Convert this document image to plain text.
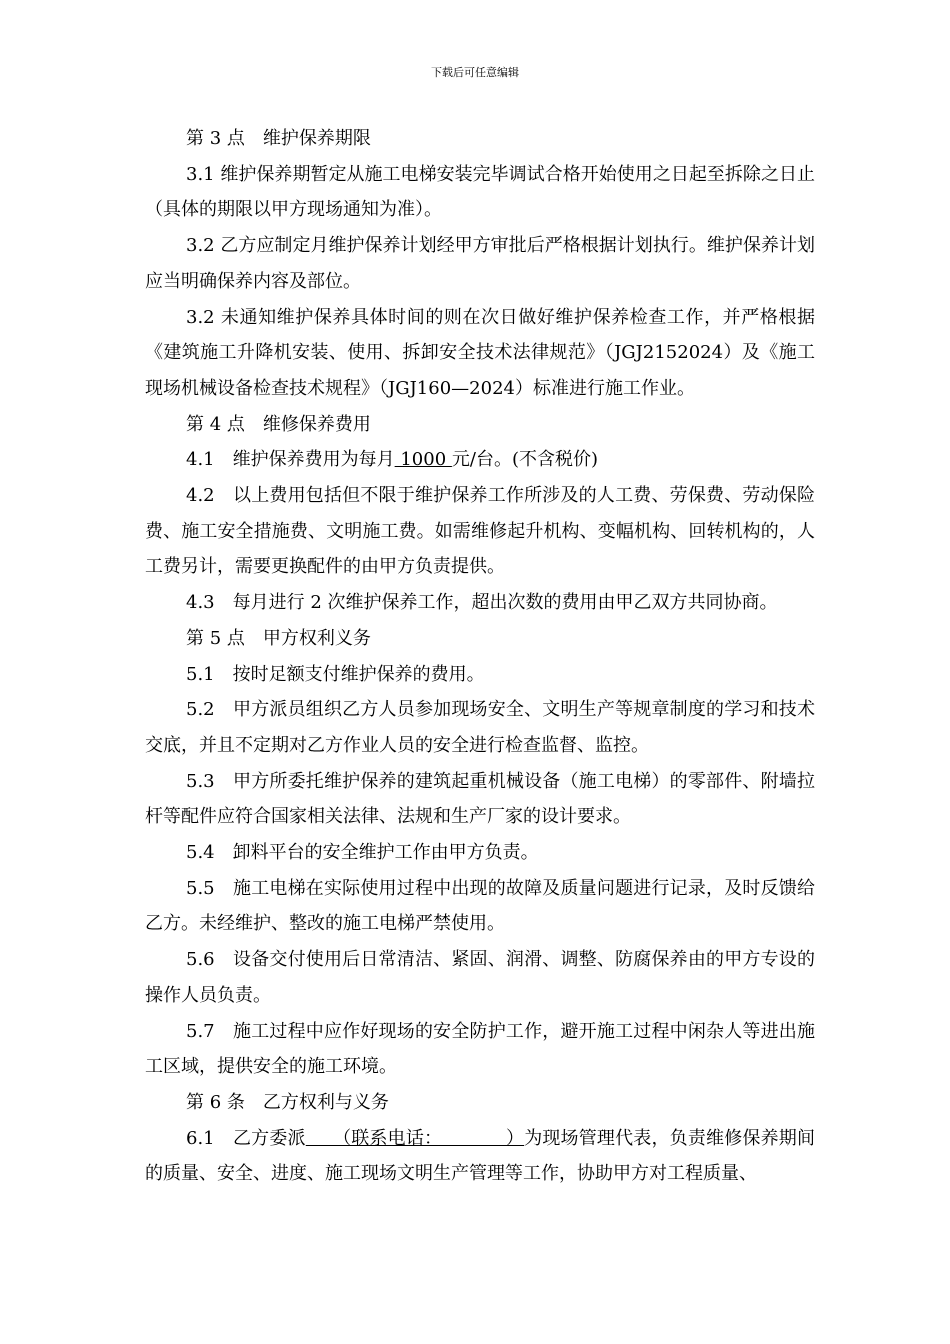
下载后可任意编辑

第 3 点　维护保养期限

3.1 维护保养期暂定从施工电梯安装完毕调试合格开始使用之日起至拆除之日止（具体的期限以甲方现场通知为准）。

3.2 乙方应制定月维护保养计划经甲方审批后严格根据计划执行。维护保养计划应当明确保养内容及部位。

3.2 未通知维护保养具体时间的则在次日做好维护保养检查工作，并严格根据《建筑施工升降机安装、使用、拆卸安全技术法律规范》（JGJ2152024）及《施工现场机械设备检查技术规程》（JGJ160—2024）标准进行施工作业。

第 4 点　维修保养费用

4.1　维护保养费用为每月 1000 元/台。(不含税价)

4.2　以上费用包括但不限于维护保养工作所涉及的人工费、劳保费、劳动保险费、施工安全措施费、文明施工费。如需维修起升机构、变幅机构、回转机构的，人工费另计，需要更换配件的由甲方负责提供。

4.3　每月进行 2 次维护保养工作，超出次数的费用由甲乙双方共同协商。

第 5 点　甲方权利义务

5.1　按时足额支付维护保养的费用。

5.2　甲方派员组织乙方人员参加现场安全、文明生产等规章制度的学习和技术交底，并且不定期对乙方作业人员的安全进行检查监督、监控。

5.3　甲方所委托维护保养的建筑起重机械设备（施工电梯）的零部件、附墙拉杆等配件应符合国家相关法律、法规和生产厂家的设计要求。

5.4　卸料平台的安全维护工作由甲方负责。

5.5　施工电梯在实际使用过程中出现的故障及质量问题进行记录，及时反馈给乙方。未经维护、整改的施工电梯严禁使用。

5.6　设备交付使用后日常清洁、紧固、润滑、调整、防腐保养由的甲方专设的操作人员负责。

5.7　施工过程中应作好现场的安全防护工作，避开施工过程中闲杂人等进出施工区域，提供安全的施工环境。

第 6 条　乙方权利与义务

6.1　乙方委派　　（联系电话：　　　　）为现场管理代表，负责维修保养期间的质量、安全、进度、施工现场文明生产管理等工作，协助甲方对工程质量、
